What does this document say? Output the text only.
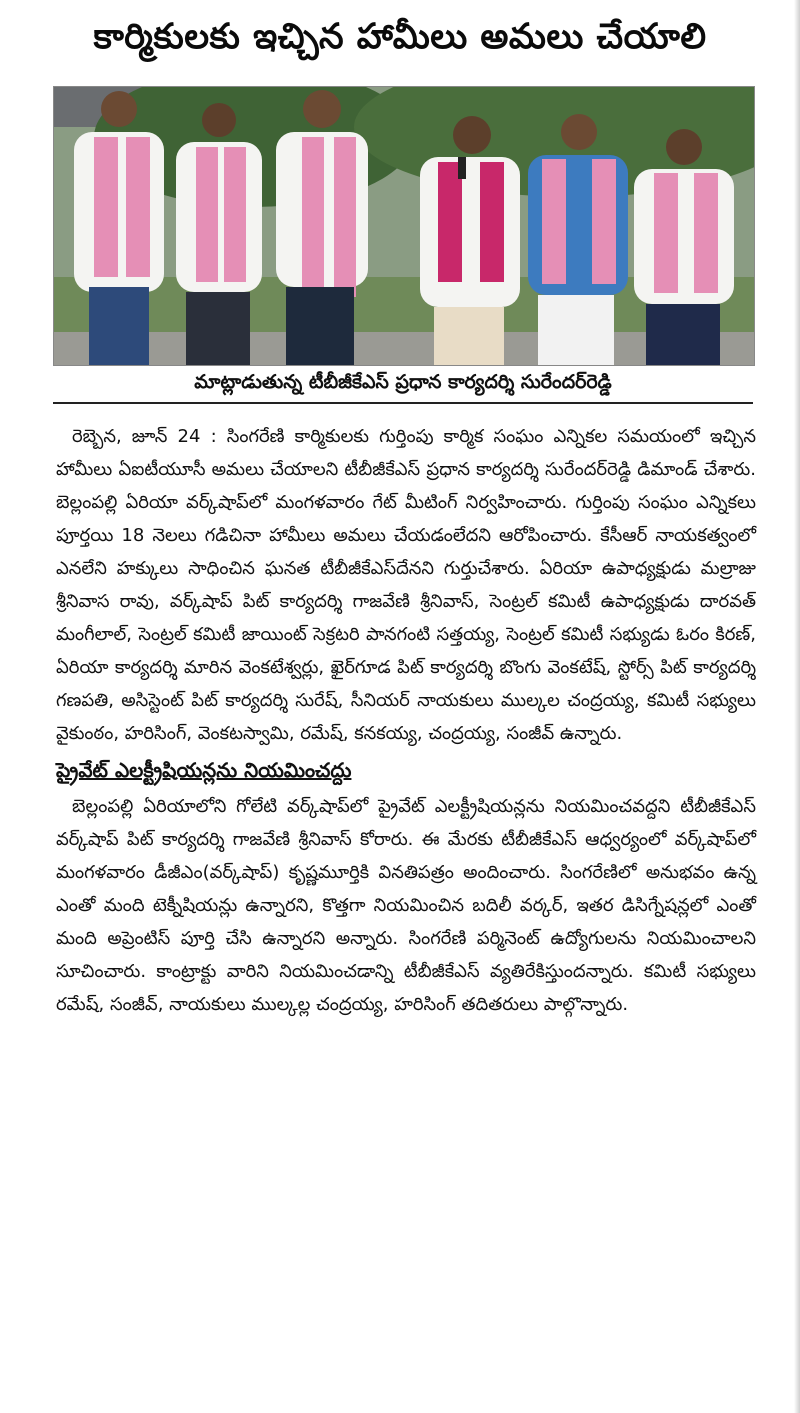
కార్మికులకు ఇచ్చిన హామీలు అమలు చేయాలి
మాట్లాడుతున్న టీబీజీకేఎస్ ప్రధాన కార్యదర్శి సురేందర్‌రెడ్డి

రెబ్బెన, జూన్ 24 : సింగరేణి కార్మికులకు గుర్తింపు కార్మిక సంఘం ఎన్నికల సమయంలో ఇచ్చిన హామీలు ఏఐటీయూసీ అమలు చేయాలని టీబీజీకేఎస్ ప్రధాన కార్యదర్శి సురేందర్‌రెడ్డి డిమాండ్ చేశారు. బెల్లంపల్లి ఏరియా వర్క్‌షాప్‌లో మంగళవారం గేట్ మీటింగ్ నిర్వహించారు. గుర్తింపు సంఘం ఎన్నికలు పూర్తయి 18 నెలలు గడిచినా హామీలు అమలు చేయడంలేదని ఆరోపించారు. కేసీఆర్ నాయకత్వంలో ఎనలేని హక్కులు సాధించిన ఘనత టీబీజీకేఎస్‌దేనని గుర్తుచేశారు. ఏరియా ఉపాధ్యక్షుడు మల్రాజు శ్రీనివాస రావు, వర్క్‌షాప్ పిట్ కార్యదర్శి గాజవేణి శ్రీనివాస్, సెంట్రల్ కమిటీ ఉపాధ్యక్షుడు దారవత్ మంగీలాల్, సెంట్రల్ కమిటీ జాయింట్ సెక్రటరి పానగంటి సత్తయ్య, సెంట్రల్ కమిటీ సభ్యుడు ఓరం కిరణ్, ఏరియా కార్యదర్శి మారిన వెంకటేశ్వర్లు, ఖైర్‌గూడ పిట్ కార్యదర్శి బొంగు వెంకటేష్, స్టోర్స్ పిట్ కార్యదర్శి గణపతి, అసిస్టెంట్ పిట్ కార్యదర్శి సురేష్, సీనియర్ నాయకులు ముల్కల చంద్రయ్య, కమిటీ సభ్యులు వైకుంఠం, హరిసింగ్, వెంకటస్వామి, రమేష్, కనకయ్య, చంద్రయ్య, సంజీవ్ ఉన్నారు.

ప్రైవేట్ ఎలక్ట్రీషియన్లను నియమించద్దు

బెల్లంపల్లి ఏరియాలోని గోలేటి వర్క్‌షాప్‌లో ప్రైవేట్ ఎలక్ట్రీషియన్లను నియమించవద్దని టీబీజీకేఎస్ వర్క్‌షాప్ పిట్ కార్యదర్శి గాజవేణి శ్రీనివాస్ కోరారు. ఈ మేరకు టీబీజీకేఎస్ ఆధ్వర్యంలో వర్క్‌షాప్‌లో మంగళవారం డీజీఎం(వర్క్‌షాప్) కృష్ణమూర్తికి వినతిపత్రం అందించారు. సింగరేణిలో అనుభవం ఉన్న ఎంతో మంది టెక్నీషియన్లు ఉన్నారని, కొత్తగా నియమించిన బదిలీ వర్కర్, ఇతర డిసిగ్నేషన్లలో ఎంతో మంది అప్రెంటిస్ పూర్తి చేసి ఉన్నారని అన్నారు. సింగరేణి పర్మినెంట్ ఉద్యోగులను నియమించాలని సూచించారు. కాంట్రాక్టు వారిని నియమించడాన్ని టీబీజీకేఎస్ వ్యతిరేకిస్తుందన్నారు. కమిటీ సభ్యులు రమేష్, సంజీవ్, నాయకులు ముల్కల్ల చంద్రయ్య, హరిసింగ్ తదితరులు పాల్గొన్నారు.
